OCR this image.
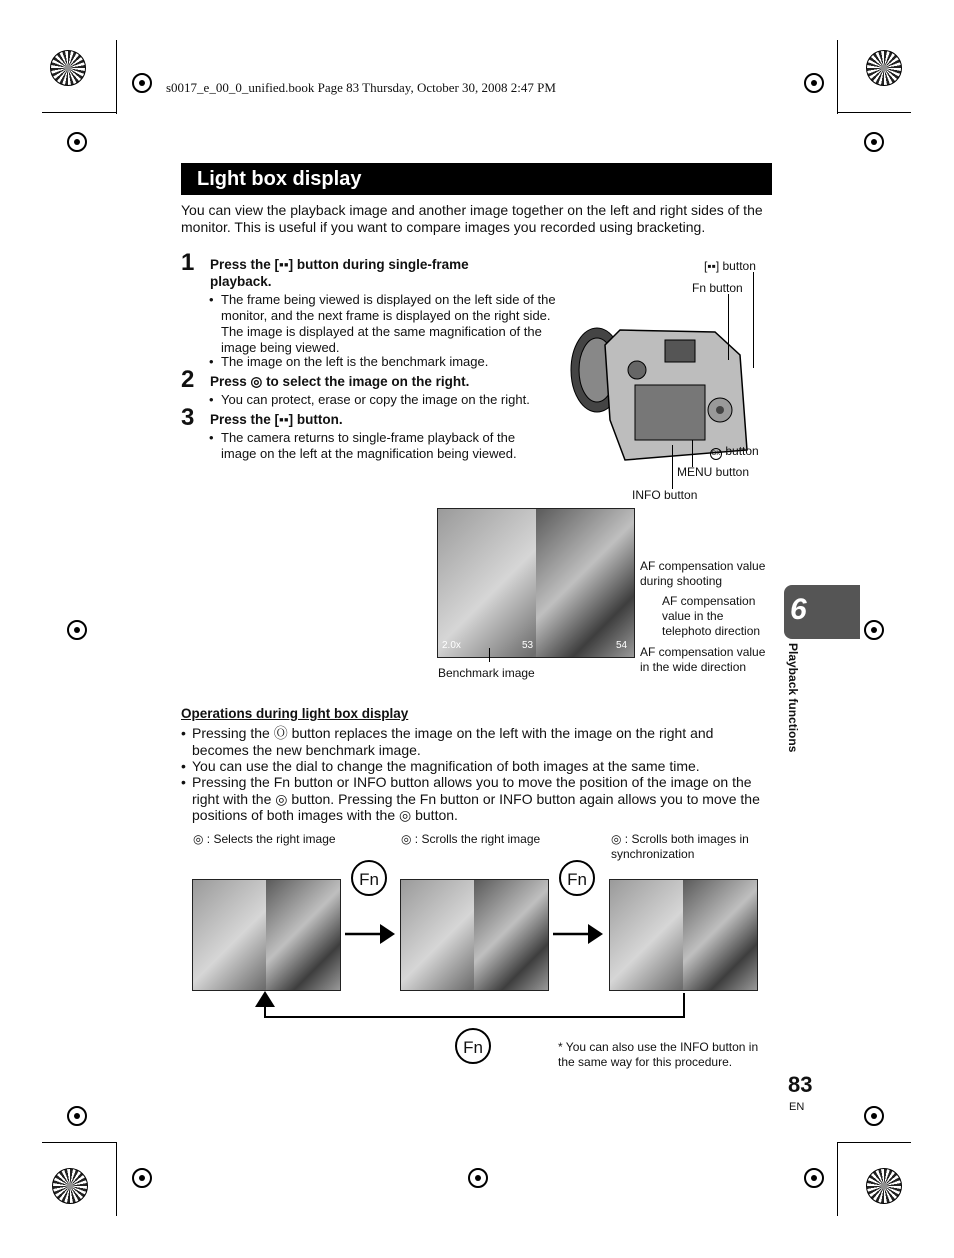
s0017_e_00_0_unified.book Page 83 Thursday, October 30, 2008 2:47 PM
Light box display
You can view the playback image and another image together on the left and right sides of the monitor. This is useful if you want to compare images you recorded using bracketing.
1 Press the [▪▪] button during single-frame playback.
• The frame being viewed is displayed on the left side of the monitor, and the next frame is displayed on the right side. The image is displayed at the same magnification of the image being viewed.
• The image on the left is the benchmark image.
2 Press ◎ to select the image on the right.
• You can protect, erase or copy the image on the right.
3 Press the [▪▪] button.
• The camera returns to single-frame playback of the image on the left at the magnification being viewed.
[▪▪] button
Fn button
OK button
MENU button
INFO button
2.0x	53	54
AF compensation value during shooting
AF compensation value in the telephoto direction
AF compensation value in the wide direction
Benchmark image
6
Playback functions
Operations during light box display
• Pressing the Ⓞ button replaces the image on the left with the image on the right and becomes the new benchmark image.
• You can use the dial to change the magnification of both images at the same time.
• Pressing the Fn button or INFO button allows you to move the position of the image on the right with the ◎ button. Pressing the Fn button or INFO button again allows you to move the positions of both images with the ◎ button.
◎ : Selects the right image	◎ : Scrolls the right image	◎ : Scrolls both images in synchronization
Fn	Fn
Fn	* You can also use the INFO button in the same way for this procedure.
83
EN
